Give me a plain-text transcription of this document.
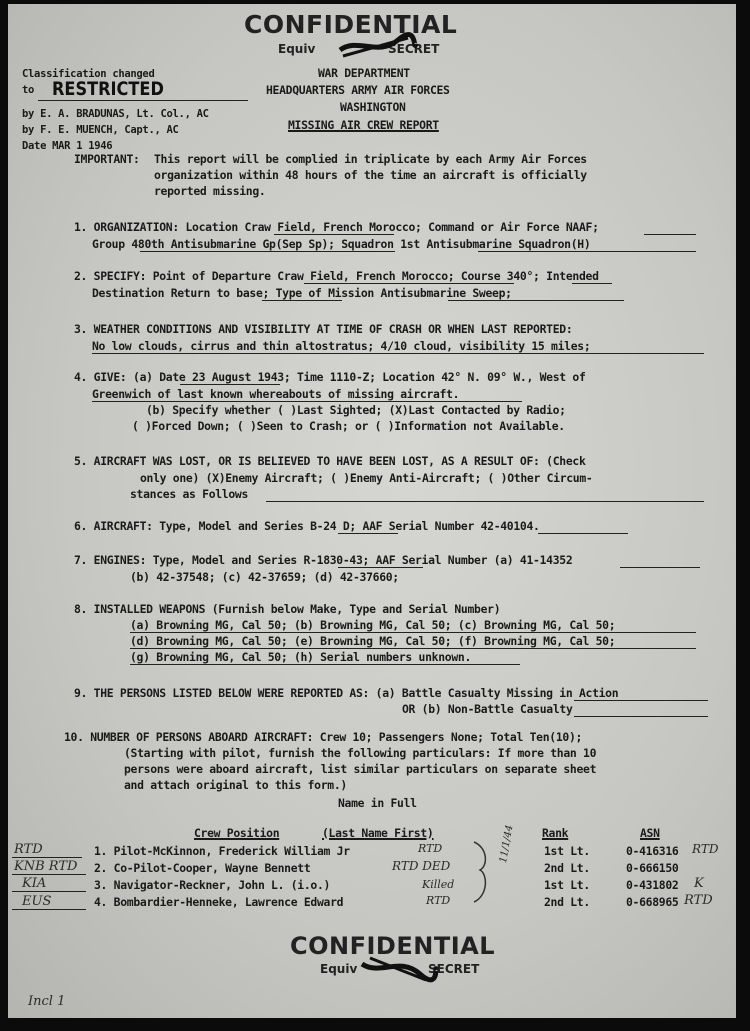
CONFIDENTIAL
Equiv	SECRET
Classification changed
to RESTRICTED
by E. A. BRADUNAS, Lt. Col., AC
by F. E. MUENCH, Capt., AC
Date MAR 1 1946
WAR DEPARTMENT
HEADQUARTERS ARMY AIR FORCES
WASHINGTON
MISSING AIR CREW REPORT
IMPORTANT: This report will be complied in triplicate by each Army Air Forces
organization within 48 hours of the time an aircraft is officially
reported missing.
1. ORGANIZATION: Location Craw Field, French Morocco; Command or Air Force NAAF;
Group 480th Antisubmarine Gp(Sep Sp); Squadron 1st Antisubmarine Squadron(H)
2. SPECIFY: Point of Departure Craw Field, French Morocco; Course 340°; Intended
Destination Return to base; Type of Mission Antisubmarine Sweep;
3. WEATHER CONDITIONS AND VISIBILITY AT TIME OF CRASH OR WHEN LAST REPORTED:
No low clouds, cirrus and thin altostratus; 4/10 cloud, visibility 15 miles;
4. GIVE: (a) Date 23 August 1943; Time 1110-Z; Location 42° N. 09° W., West of
Greenwich of last known whereabouts of missing aircraft.
(b) Specify whether ( )Last Sighted; (X)Last Contacted by Radio;
( )Forced Down; ( )Seen to Crash; or ( )Information not Available.
5. AIRCRAFT WAS LOST, OR IS BELIEVED TO HAVE BEEN LOST, AS A RESULT OF: (Check
only one) (X)Enemy Aircraft; ( )Enemy Anti-Aircraft; ( )Other Circum-
stances as Follows
6. AIRCRAFT: Type, Model and Series B-24 D; AAF Serial Number 42-40104.
7. ENGINES: Type, Model and Series R-1830-43; AAF Serial Number (a) 41-14352
(b) 42-37548; (c) 42-37659; (d) 42-37660;
8. INSTALLED WEAPONS (Furnish below Make, Type and Serial Number)
(a) Browning MG, Cal 50; (b) Browning MG, Cal 50; (c) Browning MG, Cal 50;
(d) Browning MG, Cal 50; (e) Browning MG, Cal 50; (f) Browning MG, Cal 50;
(g) Browning MG, Cal 50; (h) Serial numbers unknown.
9. THE PERSONS LISTED BELOW WERE REPORTED AS: (a) Battle Casualty Missing in Action
OR (b) Non-Battle Casualty
10. NUMBER OF PERSONS ABOARD AIRCRAFT: Crew 10; Passengers None; Total Ten(10);
(Starting with pilot, furnish the following particulars: If more than 10
persons were aboard aircraft, list similar particulars on separate sheet
and attach original to this form.)
Name in Full
Crew Position	(Last Name First)	Rank	ASN
RTD	1. Pilot-McKinnon, Frederick William Jr	RTD	1st Lt.	0-416316 RTD
KNB RTD 2. Co-Pilot-Cooper, Wayne Bennett	RTD DED	2nd Lt.	0-666150
KIA	3. Navigator-Reckner, John L. (i.o.)	Killed	1st Lt.	0-431802 K
EUS	4. Bombardier-Henneke, Lawrence Edward	RTD	2nd Lt.	0-668965 RTD
11/1/44
CONFIDENTIAL
Equiv	SECRET
Incl 1
